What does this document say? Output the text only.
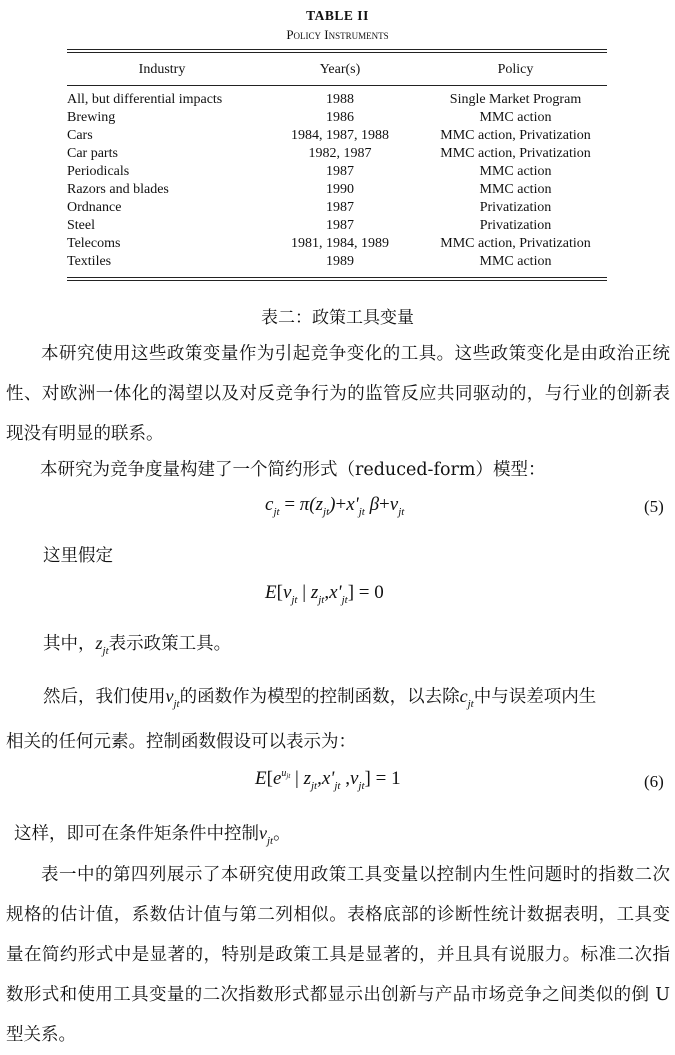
TABLE II
Policy Instruments
Industry	Year(s)	Policy
All, but differential impacts	1988	Single Market Program
Brewing	1986	MMC action
Cars	1984, 1987, 1988	MMC action, Privatization
Car parts	1982, 1987	MMC action, Privatization
Periodicals	1987	MMC action
Razors and blades	1990	MMC action
Ordnance	1987	Privatization
Steel	1987	Privatization
Telecoms	1981, 1984, 1989	MMC action, Privatization
Textiles	1989	MMC action
表二：政策工具变量
本研究使用这些政策变量作为引起竞争变化的工具。这些政策变化是由政治正统性、对欧洲一体化的渴望以及对反竞争行为的监管反应共同驱动的，与行业的创新表现没有明显的联系。
本研究为竞争度量构建了一个简约形式（reduced-form）模型：
$c_{jt} = \pi(z_{jt})+x'_{jt}$ $\beta+v_{jt}$	(5)
这里假定
$E[v_{jt}$ | $z_{jt},x'_{jt}] = 0$
其中，$z_{jt}$表示政策工具。
然后，我们使用$v_{jt}$的函数作为模型的控制函数，以去除$c_{jt}$中与误差项内生
相关的任何元素。控制函数假设可以表示为：
$E[e^{u_{jt}}$ | $z_{jt},x'_{jt}$ $,v_{jt}] = 1$	(6)
这样，即可在条件矩条件中控制$v_{jt}$。
表一中的第四列展示了本研究使用政策工具变量以控制内生性问题时的指数二次规格的估计值，系数估计值与第二列相似。表格底部的诊断性统计数据表明，工具变量在简约形式中是显著的，特别是政策工具是显著的，并且具有说服力。标准二次指数形式和使用工具变量的二次指数形式都显示出创新与产品市场竞争之间类似的倒 U 型关系。
